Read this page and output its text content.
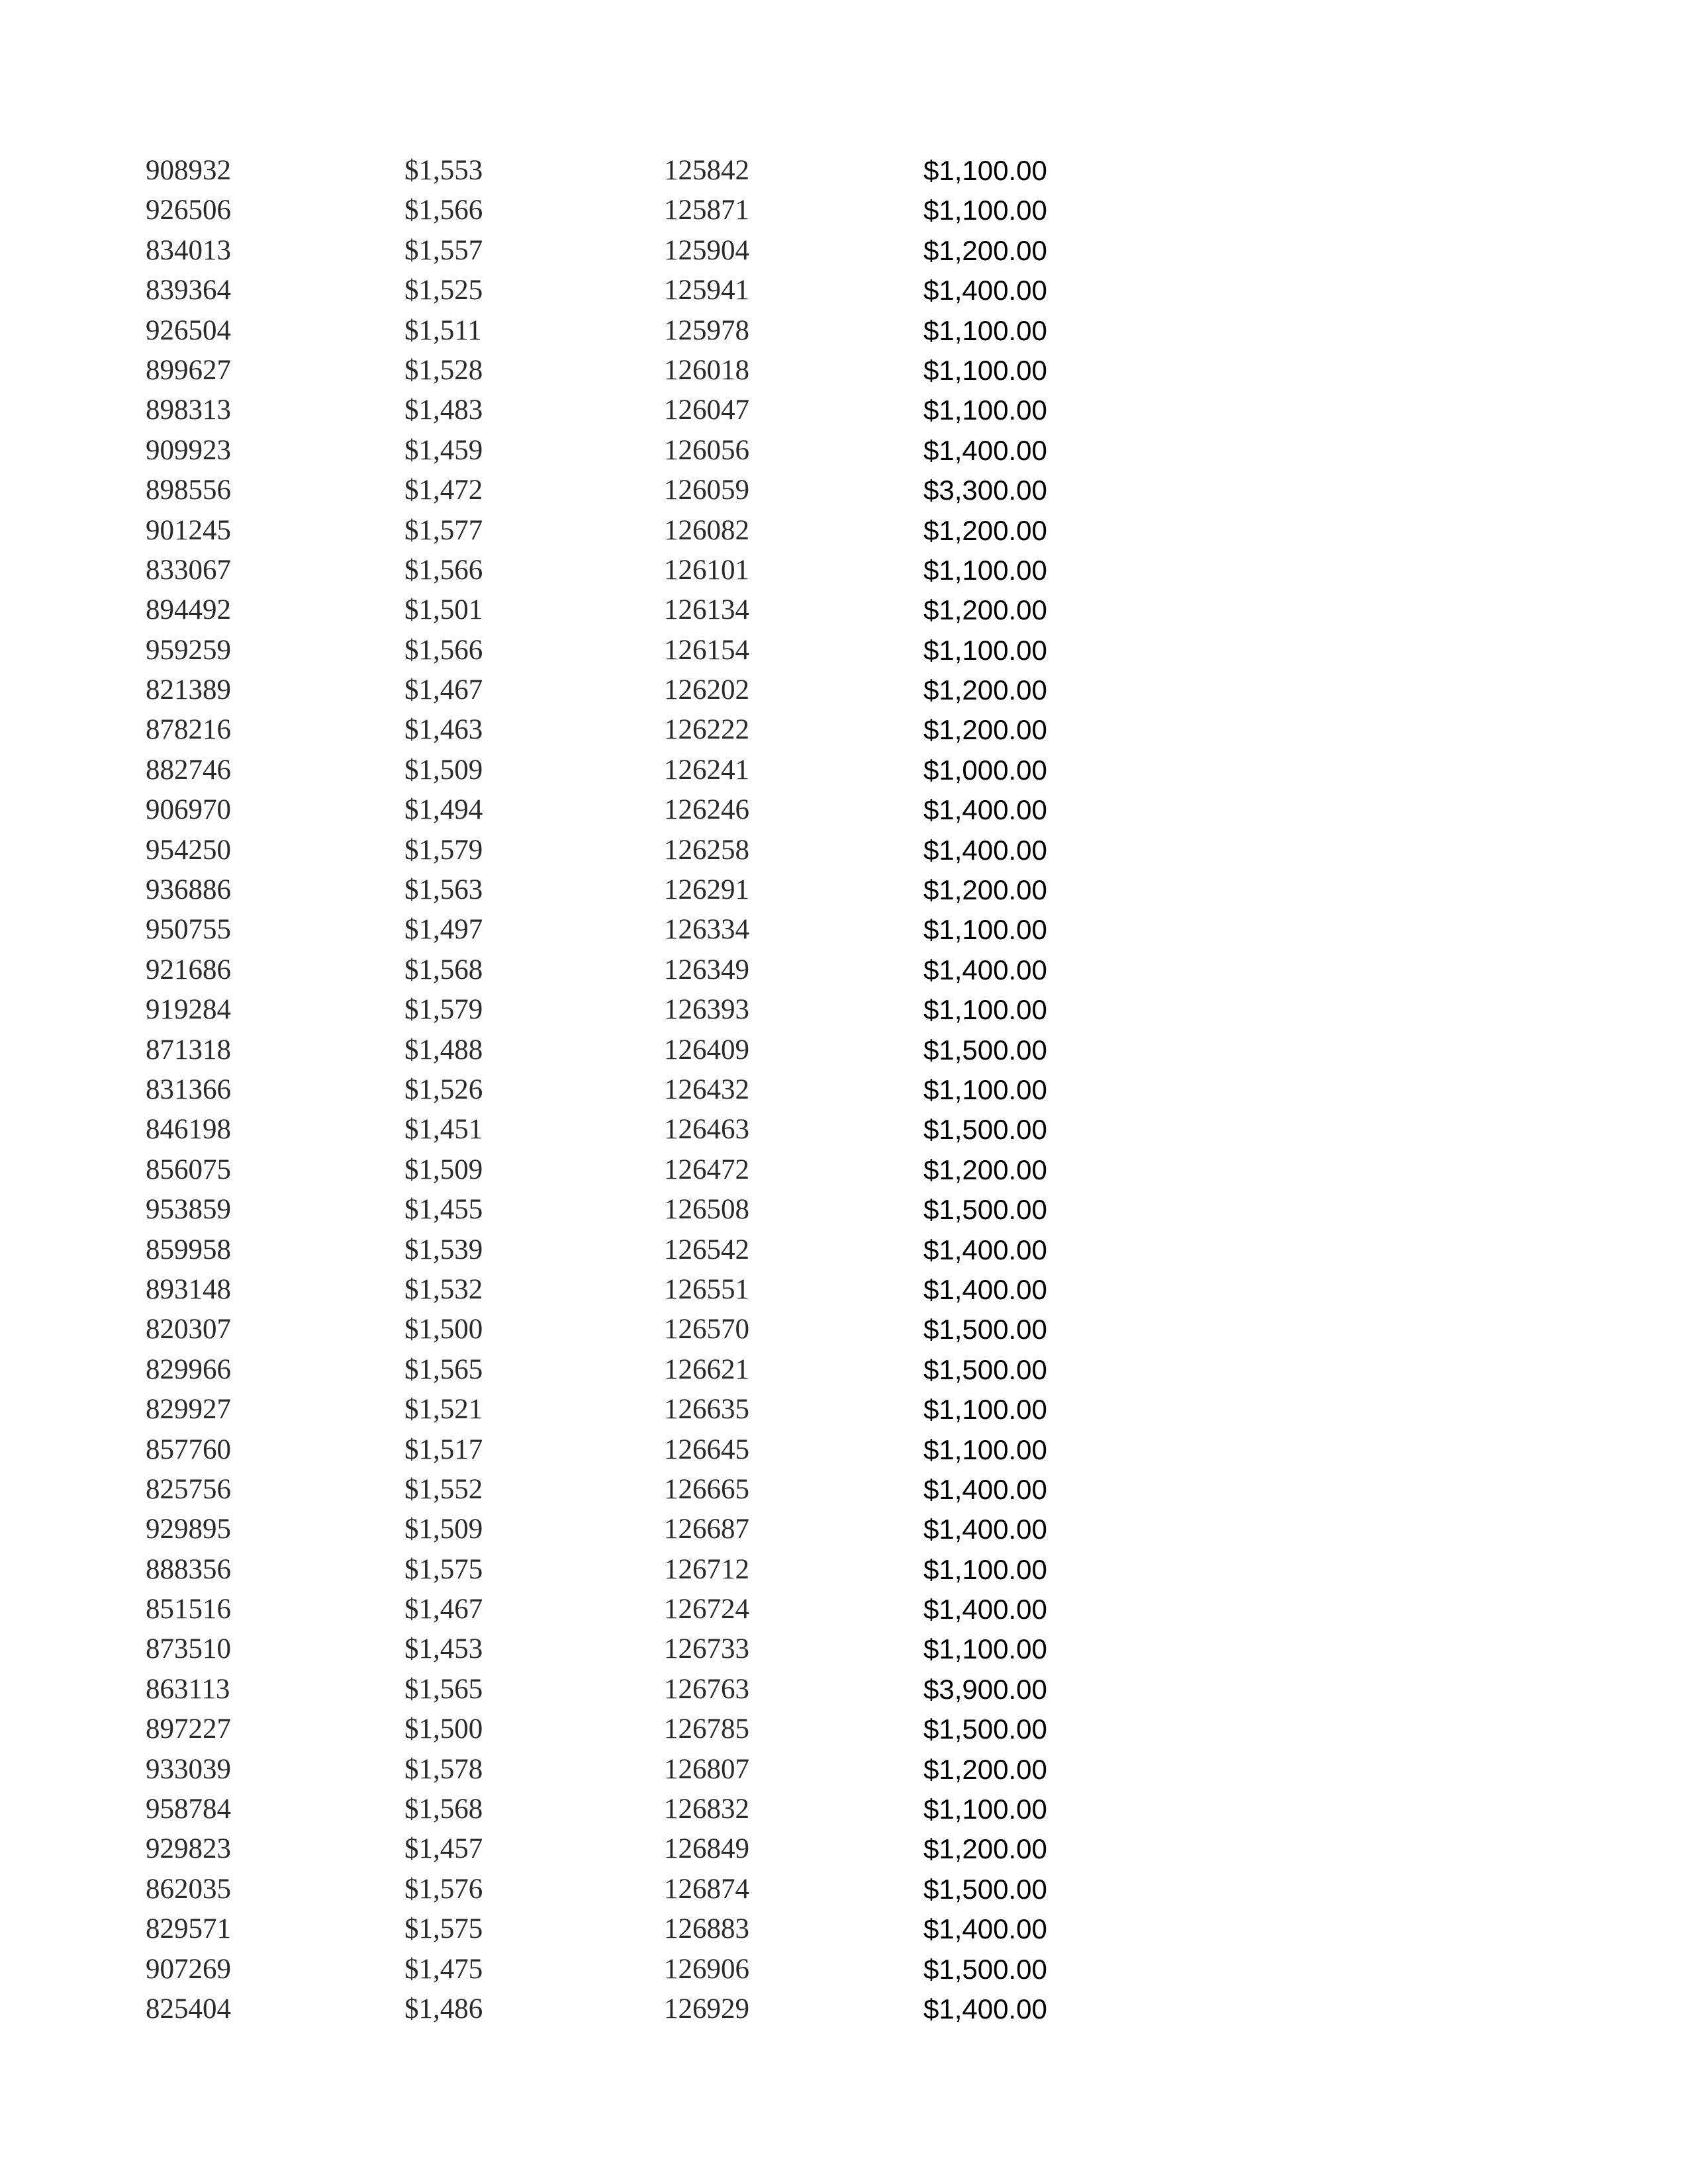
908932	$1,553	125842	$1,100.00
926506	$1,566	125871	$1,100.00
834013	$1,557	125904	$1,200.00
839364	$1,525	125941	$1,400.00
926504	$1,511	125978	$1,100.00
899627	$1,528	126018	$1,100.00
898313	$1,483	126047	$1,100.00
909923	$1,459	126056	$1,400.00
898556	$1,472	126059	$3,300.00
901245	$1,577	126082	$1,200.00
833067	$1,566	126101	$1,100.00
894492	$1,501	126134	$1,200.00
959259	$1,566	126154	$1,100.00
821389	$1,467	126202	$1,200.00
878216	$1,463	126222	$1,200.00
882746	$1,509	126241	$1,000.00
906970	$1,494	126246	$1,400.00
954250	$1,579	126258	$1,400.00
936886	$1,563	126291	$1,200.00
950755	$1,497	126334	$1,100.00
921686	$1,568	126349	$1,400.00
919284	$1,579	126393	$1,100.00
871318	$1,488	126409	$1,500.00
831366	$1,526	126432	$1,100.00
846198	$1,451	126463	$1,500.00
856075	$1,509	126472	$1,200.00
953859	$1,455	126508	$1,500.00
859958	$1,539	126542	$1,400.00
893148	$1,532	126551	$1,400.00
820307	$1,500	126570	$1,500.00
829966	$1,565	126621	$1,500.00
829927	$1,521	126635	$1,100.00
857760	$1,517	126645	$1,100.00
825756	$1,552	126665	$1,400.00
929895	$1,509	126687	$1,400.00
888356	$1,575	126712	$1,100.00
851516	$1,467	126724	$1,400.00
873510	$1,453	126733	$1,100.00
863113	$1,565	126763	$3,900.00
897227	$1,500	126785	$1,500.00
933039	$1,578	126807	$1,200.00
958784	$1,568	126832	$1,100.00
929823	$1,457	126849	$1,200.00
862035	$1,576	126874	$1,500.00
829571	$1,575	126883	$1,400.00
907269	$1,475	126906	$1,500.00
825404	$1,486	126929	$1,400.00
